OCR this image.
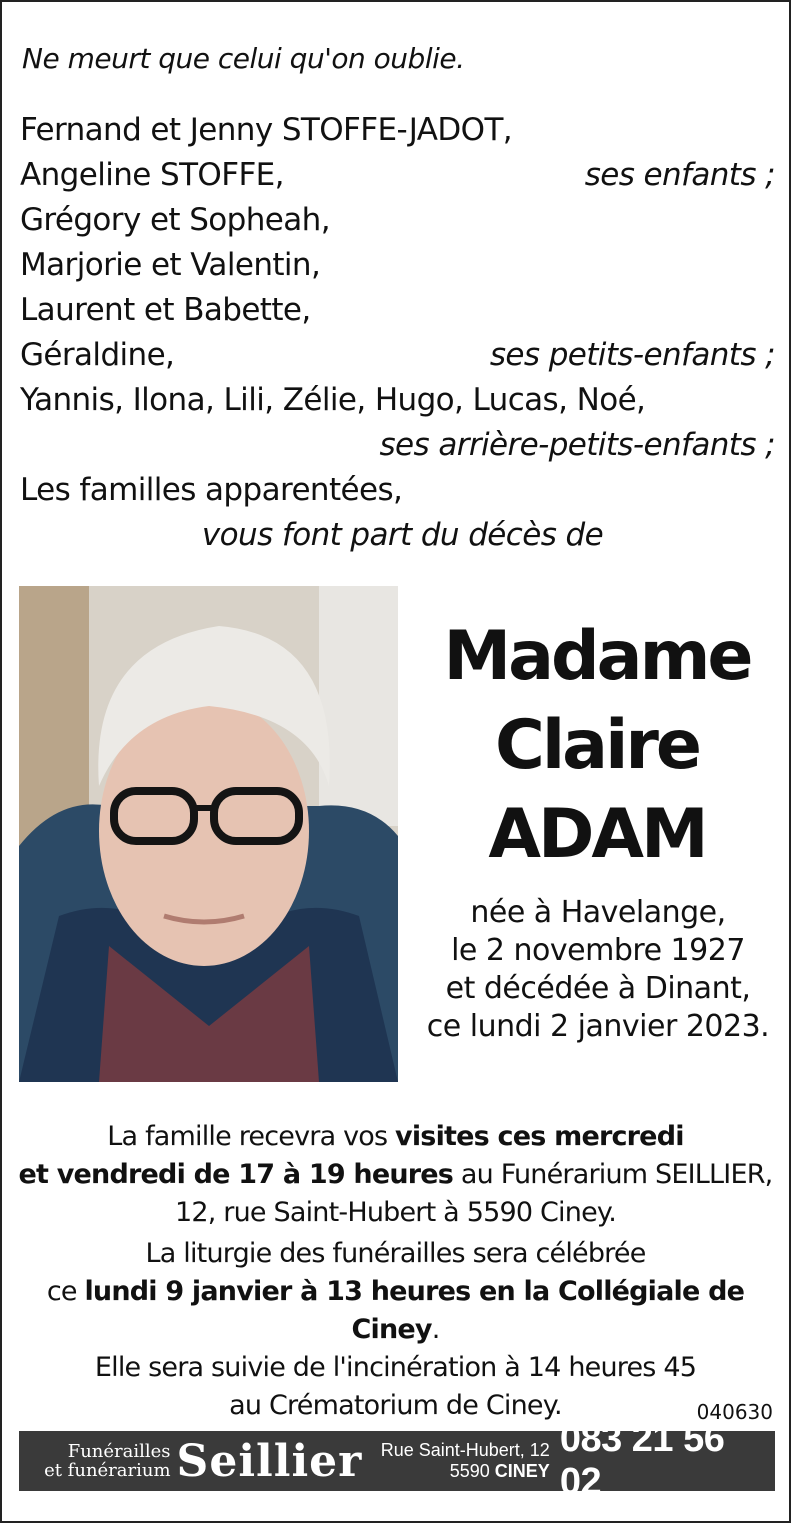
Ne meurt que celui qu'on oublie.
Fernand et Jenny STOFFE-JADOT,
Angeline STOFFE,	ses enfants ;
Grégory et Sopheah,
Marjorie et Valentin,
Laurent et Babette,
Géraldine,	ses petits-enfants ;
Yannis, Ilona, Lili, Zélie, Hugo, Lucas, Noé,
ses arrière-petits-enfants ;
Les familles apparentées,
vous font part du décès de
Madame
Claire
ADAM
née à Havelange,
le 2 novembre 1927
et décédée à Dinant,
ce lundi 2 janvier 2023.
La famille recevra vos visites ces mercredi
et vendredi de 17 à 19 heures au Funérarium SEILLIER,
12, rue Saint-Hubert à 5590 Ciney.
La liturgie des funérailles sera célébrée
ce lundi 9 janvier à 13 heures en la Collégiale de Ciney.
Elle sera suivie de l'incinération à 14 heures 45
au Crématorium de Ciney.	040630
Funérailles
et funérarium Seillier Rue Saint-Hubert, 12
5590 CINEY
083 21 56 02
